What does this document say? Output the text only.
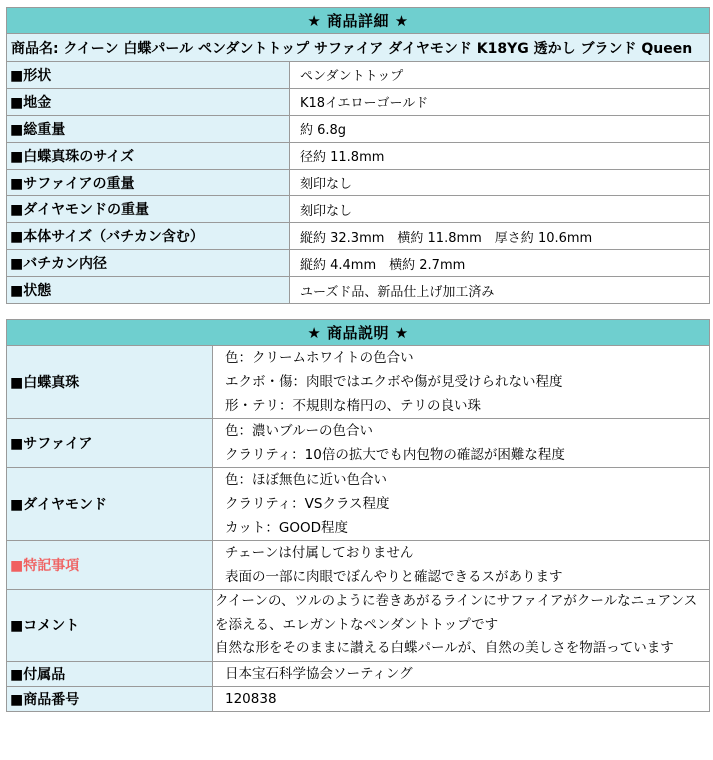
★ 商品詳細 ★	
商品名: クイーン 白蝶パール ペンダントトップ サファイア ダイヤモンド K18YG 透かし ブランド Queen	
■形状	ペンダントトップ
■地金	K18イエローゴールド
■総重量	約 6.8g
■白蝶真珠のサイズ	径約 11.8mm
■サファイアの重量	刻印なし
■ダイヤモンドの重量	刻印なし
■本体サイズ（バチカン含む）	縦約 32.3mm　横約 11.8mm　厚さ約 10.6mm
■バチカン内径	縦約 4.4mm　横約 2.7mm
■状態	ユーズド品、新品仕上げ加工済み
★ 商品説明 ★	
■白蝶真珠	色：クリームホワイトの色合い
エクボ・傷：肉眼ではエクボや傷が見受けられない程度
形・テリ：不規則な楕円の、テリの良い珠

■サファイア	色：濃いブルーの色合い
クラリティ：10倍の拡大でも内包物の確認が困難な程度

■ダイヤモンド	色：ほぼ無色に近い色合い
クラリティ：VSクラス程度
カット：GOOD程度

■特記事項	チェーンは付属しておりません
表面の一部に肉眼でぼんやりと確認できるスがあります

■コメント	クイーンの、ツルのように巻きあがるラインにサファイアがクールなニュアンスを添える、エレガントなペンダントトップです
自然な形をそのままに讃える白蝶パールが、自然の美しさを物語っています

■付属品	日本宝石科学協会ソーティング
■商品番号	120838
